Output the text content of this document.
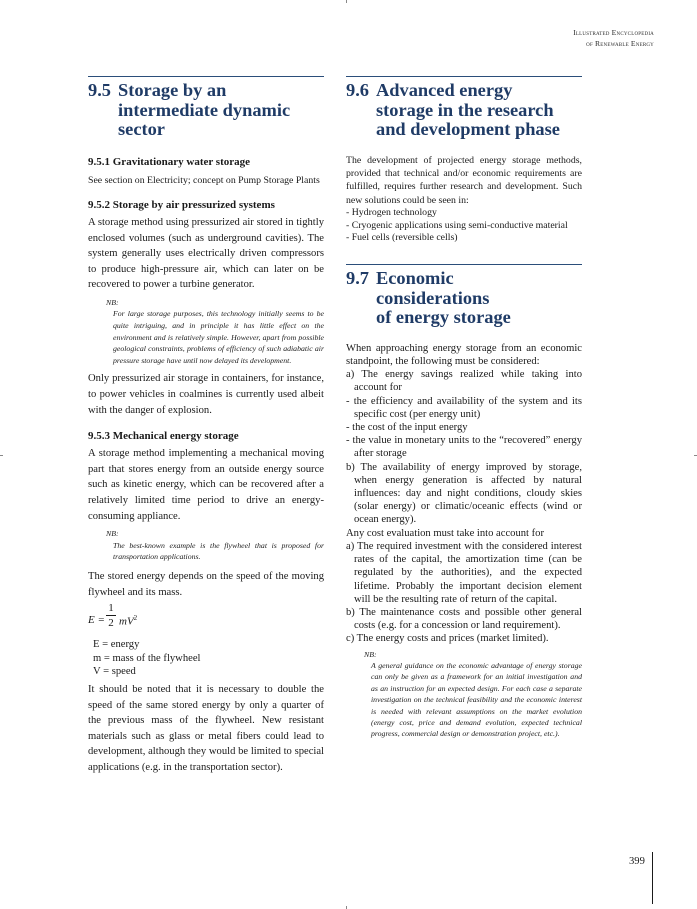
Illustrated Encyclopedia
of Renewable Energy
9.5 Storage by an
intermediate dynamic
sector
9.5.1 Gravitationary water storage

See section on Electricity; concept on Pump Storage Plants

9.5.2 Storage by air pressurized systems

A storage method using pressurized air stored in tightly enclosed volumes (such as underground cavities). The system generally uses electrically driven compressors to produce high-pressure air, which can later on be recovered to power a turbine generator.

NB:
For large storage purposes, this technology initially seems to be quite intriguing, and in principle it has little effect on the environment and is relatively simple. However, apart from possible geological constraints, problems of efficiency of such adiabatic air pressure storage have until now delayed its development.

Only pressurized air storage in containers, for instance, to power vehicles in coalmines is currently used albeit with the danger of explosion.

9.5.3 Mechanical energy storage

A storage method implementing a mechanical moving part that stores energy from an outside energy source such as kinetic energy, which can be recovered after a relatively limited time period to drive an energy-consuming appliance.

NB:
The best-known example is the flywheel that is proposed for transportation applications.

The stored energy depends on the speed of the moving flywheel and its mass.

E =
1
2 $mV^2$
E = energy
m = mass of the flywheel
V = speed

It should be noted that it is necessary to double the speed of the same stored energy by only a quarter of the previous mass of the flywheel. New resistant materials such as glass or metal fibers could lead to development, although they would be limited to special applications (e.g. in the transportation sector).

9.6 Advanced energy
storage in the research
and development phase

The development of projected energy storage methods, provided that technical and/or economic requirements are fulfilled, requires further research and development. Such new solutions could be seen in:

- Hydrogen technology
- Cryogenic applications using semi-conductive material
- Fuel cells (reversible cells)
9.7 Economic
considerations
of energy storage

When approaching energy storage from an economic standpoint, the following must be considered:

a) The energy savings realized while taking into account for
- the efficiency and availability of the system and its specific cost (per energy unit)
- the cost of the input energy
- the value in monetary units to the “recovered” energy after storage
b) The availability of energy improved by storage, when energy generation is affected by natural influences: day and night conditions, cloudy skies (solar energy) or climatic/oceanic effects (wind or ocean energy).

Any cost evaluation must take into account for

a) The required investment with the considered interest rates of the capital, the amortization time (can be regulated by the authorities), and the expected lifetime. Probably the important decision element will be the resulting rate of return of the capital.
b) The maintenance costs and possible other general costs (e.g. for a concession or land requirement).
c) The energy costs and prices (market limited).
NB:
A general guidance on the economic advantage of energy storage can only be given as a framework for an initial investigation and as an instruction for an expected design. For each case a separate investigation on the technical feasibility and the economic interest is needed with relevant assumptions on the market evolution (energy cost, price and demand evolution, expected technical progress, commercial design or demonstration project, etc.).
399
